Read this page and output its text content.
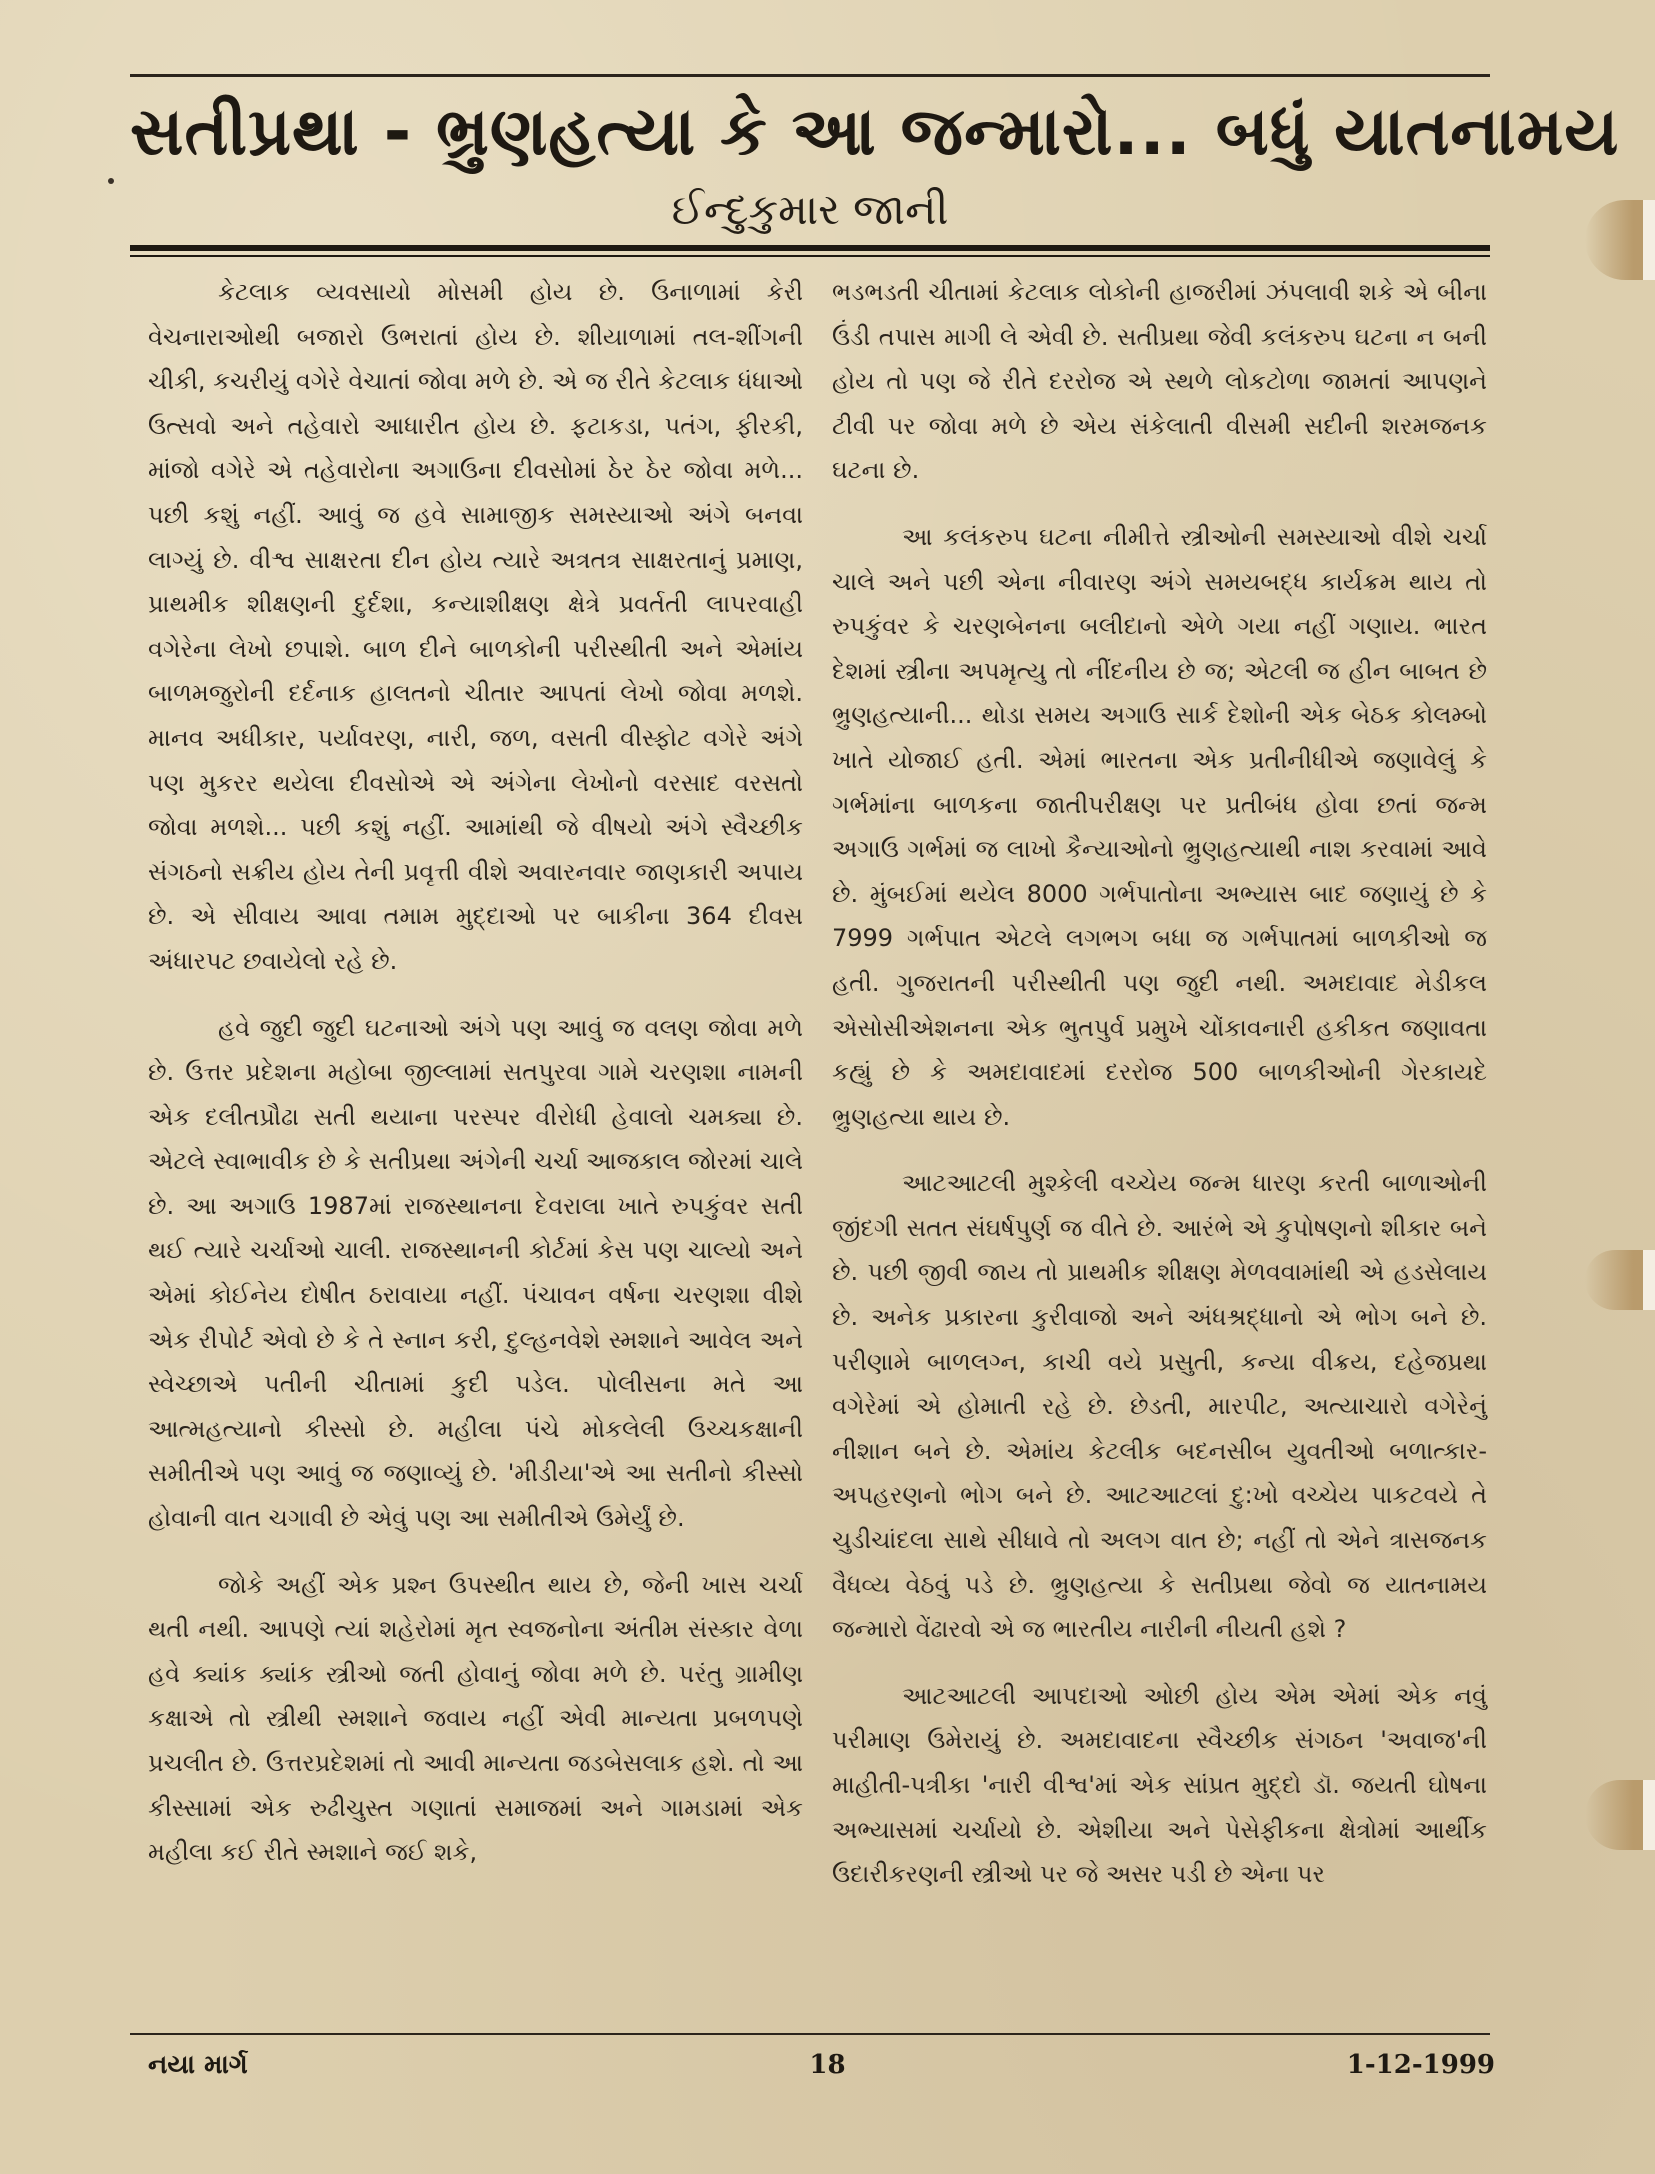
સતીપ્રથા - ભ્રુણહત્યા કે આ જન્મારો... બધું યાતનામય
ઈન્દુકુમાર જાની

કેટલાક વ્યવસાયો મોસમી હોય છે. ઉનાળામાં કેરી વેચનારાઓથી બજારો ઉભરાતાં હોય છે. શીયાળામાં તલ-શીંગની ચીકી, કચરીયું વગેરે વેચાતાં જોવા મળે છે. એ જ રીતે કેટલાક ધંધાઓ ઉત્સવો અને તહેવારો આધારીત હોય છે. ફટાકડા, પતંગ, ફીરકી, માંજો વગેરે એ તહેવારોના અગાઉના દીવસોમાં ઠેર ઠેર જોવા મળે... પછી કશું નહીં. આવું જ હવે સામાજીક સમસ્યાઓ અંગે બનવા લાગ્યું છે. વીશ્વ સાક્ષરતા દીન હોય ત્યારે અત્રતત્ર સાક્ષરતાનું પ્રમાણ, પ્રાથમીક શીક્ષણની દુર્દશા, કન્યાશીક્ષણ ક્ષેત્રે પ્રવર્તતી લાપરવાહી વગેરેના લેખો છપાશે. બાળ દીને બાળકોની પરીસ્થીતી અને એમાંય બાળમજુરોની દર્દનાક હાલતનો ચીતાર આપતાં લેખો જોવા મળશે. માનવ અધીકાર, પર્યાવરણ, નારી, જળ, વસતી વીસ્ફોટ વગેરે અંગે પણ મુકરર થયેલા દીવસોએ એ અંગેના લેખોનો વરસાદ વરસતો જોવા મળશે... પછી કશું નહીં. આમાંથી જે વીષયો અંગે સ્વૈચ્છીક સંગઠનો સક્રીય હોય તેની પ્રવૃત્તી વીશે અવારનવાર જાણકારી અપાય છે. એ સીવાય આવા તમામ મુદ્દાઓ પર બાકીના 364 દીવસ અંધારપટ છવાયેલો રહે છે.

હવે જુદી જુદી ઘટનાઓ અંગે પણ આવું જ વલણ જોવા મળે છે. ઉત્તર પ્રદેશના મહોબા જીલ્લામાં સતપુરવા ગામે ચરણશા નામની એક દલીતપ્રૌઢા સતી થયાના પરસ્પર વીરોધી હેવાલો ચમક્યા છે. એટલે સ્વાભાવીક છે કે સતીપ્રથા અંગેની ચર્ચા આજકાલ જોરમાં ચાલે છે. આ અગાઉ 1987માં રાજસ્થાનના દેવરાલા ખાતે રુપકુંવર સતી થઈ ત્યારે ચર્ચાઓ ચાલી. રાજસ્થાનની કોર્ટમાં કેસ પણ ચાલ્યો અને એમાં કોઈનેય દોષીત ઠરાવાયા નહીં. પંચાવન વર્ષના ચરણશા વીશે એક રીપોર્ટ એવો છે કે તે સ્નાન કરી, દુલ્હનવેશે સ્મશાને આવેલ અને સ્વેચ્છાએ પતીની ચીતામાં કુદી પડેલ. પોલીસના મતે આ આત્મહત્યાનો કીસ્સો છે. મહીલા પંચે મોકલેલી ઉચ્ચકક્ષાની સમીતીએ પણ આવું જ જણાવ્યું છે. 'મીડીયા'એ આ સતીનો કીસ્સો હોવાની વાત ચગાવી છે એવું પણ આ સમીતીએ ઉમેર્યું છે.

જોકે અહીં એક પ્રશ્ન ઉપસ્થીત થાય છે, જેની ખાસ ચર્ચા થતી નથી. આપણે ત્યાં શહેરોમાં મૃત સ્વજનોના અંતીમ સંસ્કાર વેળા હવે ક્યાંક ક્યાંક સ્ત્રીઓ જતી હોવાનું જોવા મળે છે. પરંતુ ગ્રામીણ કક્ષાએ તો સ્ત્રીથી સ્મશાને જવાય નહીં એવી માન્યતા પ્રબળપણે પ્રચલીત છે. ઉત્તરપ્રદેશમાં તો આવી માન્યતા જડબેસલાક હશે. તો આ કીસ્સામાં એક રુઢીચુસ્ત ગણાતાં સમાજમાં અને ગામડામાં એક મહીલા કઈ રીતે સ્મશાને જઈ શકે,

ભડભડતી ચીતામાં કેટલાક લોકોની હાજરીમાં ઝંપલાવી શકે એ બીના ઉંડી તપાસ માગી લે એવી છે. સતીપ્રથા જેવી કલંકરુપ ઘટના ન બની હોય તો પણ જે રીતે દરરોજ એ સ્થળે લોકટોળા જામતાં આપણને ટીવી પર જોવા મળે છે એય સંકેલાતી વીસમી સદીની શરમજનક ઘટના છે.

આ કલંકરુપ ઘટના નીમીત્તે સ્ત્રીઓની સમસ્યાઓ વીશે ચર્ચા ચાલે અને પછી એના નીવારણ અંગે સમયબદ્ધ કાર્યક્રમ થાય તો રુપકુંવર કે ચરણબેનના બલીદાનો એળે ગયા નહીં ગણાય. ભારત દેશમાં સ્ત્રીના અપમૃત્યુ તો નીંદનીય છે જ; એટલી જ હીન બાબત છે ભ્રુણહત્યાની... થોડા સમય અગાઉ સાર્ક દેશોની એક બેઠક કોલમ્બો ખાતે યોજાઈ હતી. એમાં ભારતના એક પ્રતીનીધીએ જણાવેલું કે ગર્ભમાંના બાળકના જાતીપરીક્ષણ પર પ્રતીબંધ હોવા છતાં જન્મ અગાઉ ગર્ભમાં જ લાખો કૈન્યાઓનો ભ્રુણહત્યાથી નાશ કરવામાં આવે છે. મુંબઈમાં થયેલ 8000 ગર્ભપાતોના અભ્યાસ બાદ જણાયું છે કે 7999 ગર્ભપાત એટલે લગભગ બધા જ ગર્ભપાતમાં બાળકીઓ જ હતી. ગુજરાતની પરીસ્થીતી પણ જુદી નથી. અમદાવાદ મેડીકલ એસોસીએશનના એક ભુતપુર્વ પ્રમુખે ચોંકાવનારી હકીકત જણાવતા કહ્યું છે કે અમદાવાદમાં દરરોજ 500 બાળકીઓની ગેરકાયદે ભ્રુણહત્યા થાય છે.

આટઆટલી મુશ્કેલી વચ્ચેય જન્મ ધારણ કરતી બાળાઓની જીંદગી સતત સંઘર્ષપુર્ણ જ વીતે છે. આરંભે એ કુપોષણનો શીકાર બને છે. પછી જીવી જાય તો પ્રાથમીક શીક્ષણ મેળવવામાંથી એ હડસેલાય છે. અનેક પ્રકારના કુરીવાજો અને અંધશ્રદ્ધાનો એ ભોગ બને છે. પરીણામે બાળલગ્ન, કાચી વયે પ્રસુતી, કન્યા વીક્રય, દહેજપ્રથા વગેરેમાં એ હોમાતી રહે છે. છેડતી, મારપીટ, અત્યાચારો વગેરેનું નીશાન બને છે. એમાંય કેટલીક બદનસીબ યુવતીઓ બળાત્કાર-અપહરણનો ભોગ બને છે. આટઆટલાં દુ:ખો વચ્ચેય પાકટવયે તે ચુડીચાંદલા સાથે સીધાવે તો અલગ વાત છે; નહીં તો એને ત્રાસજનક વૈધવ્ય વેઠવું પડે છે. ભ્રુણહત્યા કે સતીપ્રથા જેવો જ યાતનામય જન્મારો વેંઢારવો એ જ ભારતીય નારીની નીયતી હશે ?

આટઆટલી આપદાઓ ઓછી હોય એમ એમાં એક નવું પરીમાણ ઉમેરાયું છે. અમદાવાદના સ્વૈચ્છીક સંગઠન 'અવાજ'ની માહીતી-પત્રીકા 'નારી વીશ્વ'માં એક સાંપ્રત મુદ્દો ડૉ. જયતી ઘોષના અભ્યાસમાં ચર્ચાયો છે. એશીયા અને પેસેફીકના ક્ષેત્રોમાં આર્થીક ઉદારીકરણની સ્ત્રીઓ પર જે અસર પડી છે એના પર

નયા માર્ગ	18	1-12-1999
